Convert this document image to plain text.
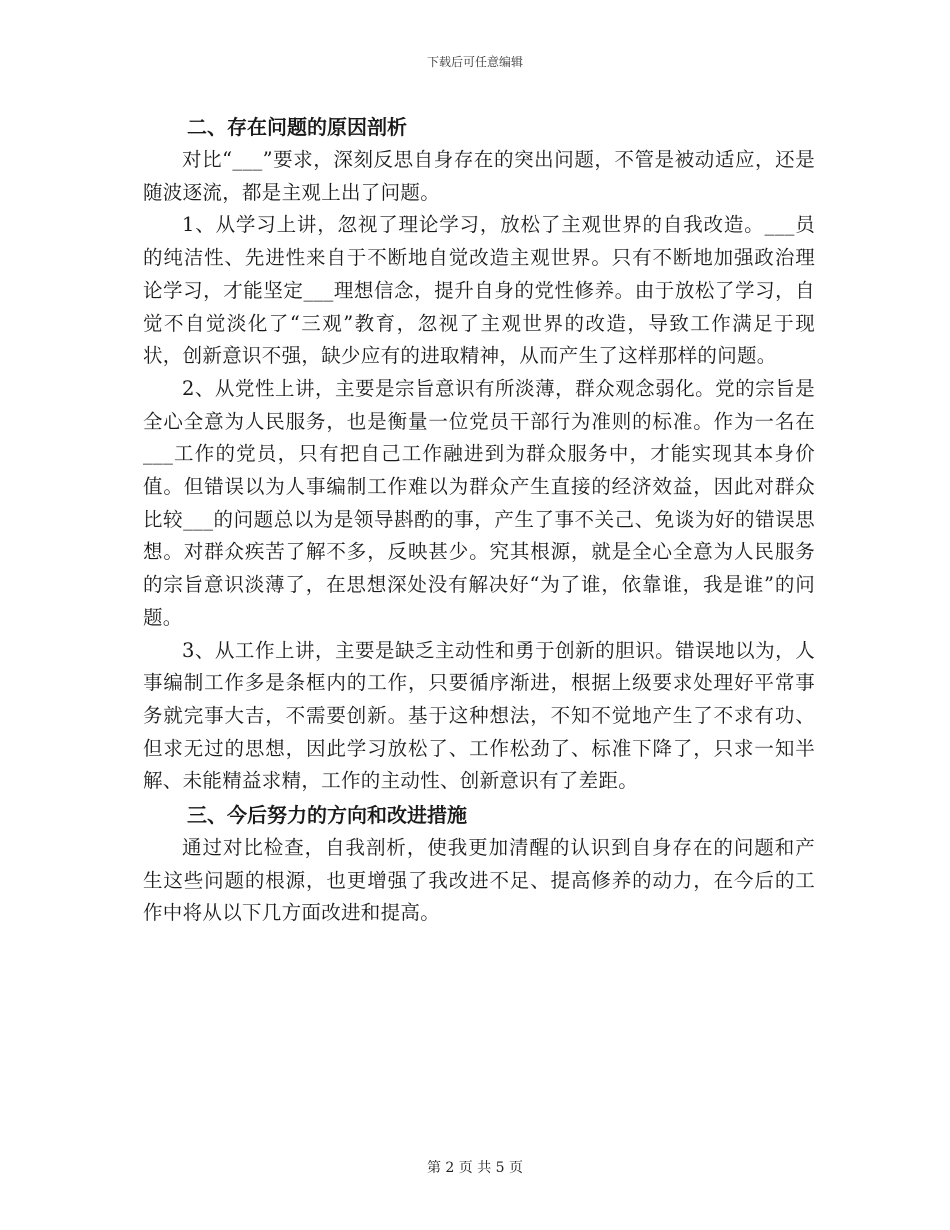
下载后可任意编辑

二、存在问题的原因剖析

对比“___”要求，深刻反思自身存在的突出问题，不管是被动适应，还是随波逐流，都是主观上出了问题。

1、从学习上讲，忽视了理论学习，放松了主观世界的自我改造。___员的纯洁性、先进性来自于不断地自觉改造主观世界。只有不断地加强政治理论学习，才能坚定___理想信念，提升自身的党性修养。由于放松了学习，自觉不自觉淡化了“三观”教育，忽视了主观世界的改造，导致工作满足于现状，创新意识不强，缺少应有的进取精神，从而产生了这样那样的问题。

2、从党性上讲，主要是宗旨意识有所淡薄，群众观念弱化。党的宗旨是全心全意为人民服务，也是衡量一位党员干部行为准则的标准。作为一名在___工作的党员，只有把自己工作融进到为群众服务中，才能实现其本身价值。但错误以为人事编制工作难以为群众产生直接的经济效益，因此对群众比较___的问题总以为是领导斟酌的事，产生了事不关己、免谈为好的错误思想。对群众疾苦了解不多，反映甚少。究其根源，就是全心全意为人民服务的宗旨意识淡薄了，在思想深处没有解决好“为了谁，依靠谁，我是谁”的问题。

3、从工作上讲，主要是缺乏主动性和勇于创新的胆识。错误地以为，人事编制工作多是条框内的工作，只要循序渐进，根据上级要求处理好平常事务就完事大吉，不需要创新。基于这种想法，不知不觉地产生了不求有功、但求无过的思想，因此学习放松了、工作松劲了、标准下降了，只求一知半解、未能精益求精，工作的主动性、创新意识有了差距。

三、今后努力的方向和改进措施

通过对比检查，自我剖析，使我更加清醒的认识到自身存在的问题和产生这些问题的根源，也更增强了我改进不足、提高修养的动力，在今后的工作中将从以下几方面改进和提高。

第 2 页 共 5 页
